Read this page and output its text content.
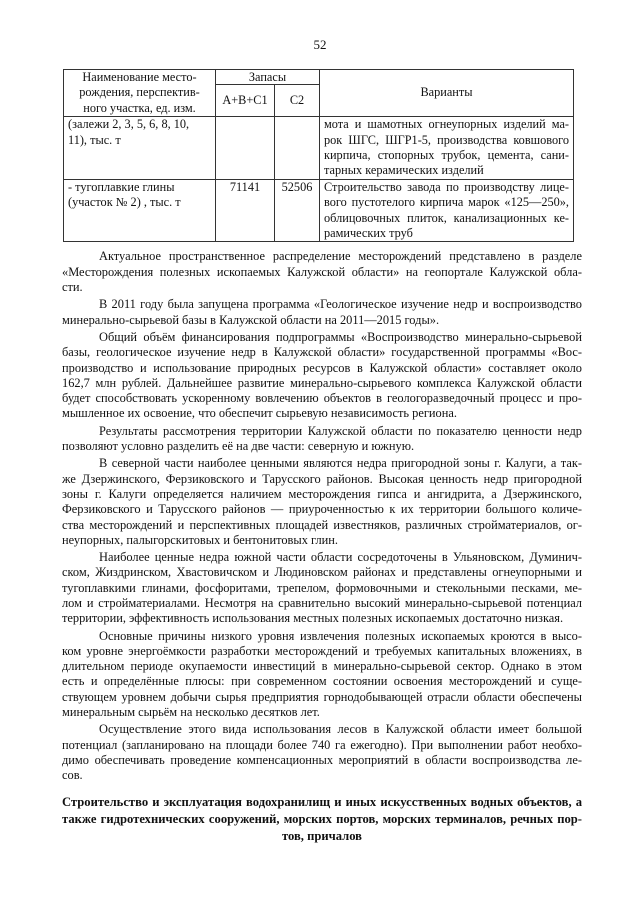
52
Наименование место-
рождения, перспектив-
ного участка, ед. изм.	Запасы		Варианты
	А+В+С1	С2	

(залежи 2, 3, 5, 6, 8, 10,
11), тыс. т			мота и шамотных огнеупорных изделий ма-
рок ШГС, ШГР1-5, производства ковшового
кирпича, стопорных трубок, цемента, сани-
тарных керамических изделий

- тугоплавкие глины
(участок № 2) , тыс. т	71141	52506	Строительство завода по производству лице-
вого пустотелого кирпича марок «125—250»,
облицовочных плиток, канализационных ке-
рамических труб
Актуальное пространственное распределение месторождений представлено в разделе
«Месторождения полезных ископаемых Калужской области» на геопортале Калужской обла-
сти.
В 2011 году была запущена программа «Геологическое изучение недр и воспроизводство
минерально-сырьевой базы в Калужской области на 2011—2015 годы».
Общий объём финансирования подпрограммы «Воспроизводство минерально-сырьевой
базы, геологическое изучение недр в Калужской области» государственной программы «Вос-
производство и использование природных ресурсов в Калужской области» составляет около
162,7 млн рублей. Дальнейшее развитие минерально-сырьевого комплекса Калужской области
будет способствовать ускоренному вовлечению объектов в геологоразведочный процесс и про-
мышленное их освоение, что обеспечит сырьевую независимость региона.
Результаты рассмотрения территории Калужской области по показателю ценности недр
позволяют условно разделить её на две части: северную и южную.
В северной части наиболее ценными являются недра пригородной зоны г. Калуги, а так-
же Дзержинского, Ферзиковского и Тарусского районов. Высокая ценность недр пригородной
зоны г. Калуги определяется наличием месторождения гипса и ангидрита, а Дзержинского,
Ферзиковского и Тарусского районов — приуроченностью к их территории большого количе-
ства месторождений и перспективных площадей известняков, различных стройматериалов, ог-
неупорных, палыгорскитовых и бентонитовых глин.
Наиболее ценные недра южной части области сосредоточены в Ульяновском, Думинич-
ском, Жиздринском, Хвастовичском и Людиновском районах и представлены огнеупорными и
тугоплавкими глинами, фосфоритами, трепелом, формовочными и стекольными песками, ме-
лом и стройматериалами. Несмотря на сравнительно высокий минерально-сырьевой потенциал
территории, эффективность использования местных полезных ископаемых достаточно низкая.
Основные причины низкого уровня извлечения полезных ископаемых кроются в высо-
ком уровне энергоёмкости разработки месторождений и требуемых капитальных вложениях, в
длительном периоде окупаемости инвестиций в минерально-сырьевой сектор. Однако в этом
есть и определённые плюсы: при современном состоянии освоения месторождений и суще-
ствующем уровнем добычи сырья предприятия горнодобывающей отрасли области обеспечены
минеральным сырьём на несколько десятков лет.
Осуществление этого вида использования лесов в Калужской области имеет большой
потенциал (запланировано на площади более 740 га ежегодно). При выполнении работ необхо-
димо обеспечивать проведение компенсационных мероприятий в области воспроизводства ле-
сов.
Строительство и эксплуатация водохранилищ и иных искусственных водных объектов, а
также гидротехнических сооружений, морских портов, морских терминалов, речных пор-
тов, причалов
